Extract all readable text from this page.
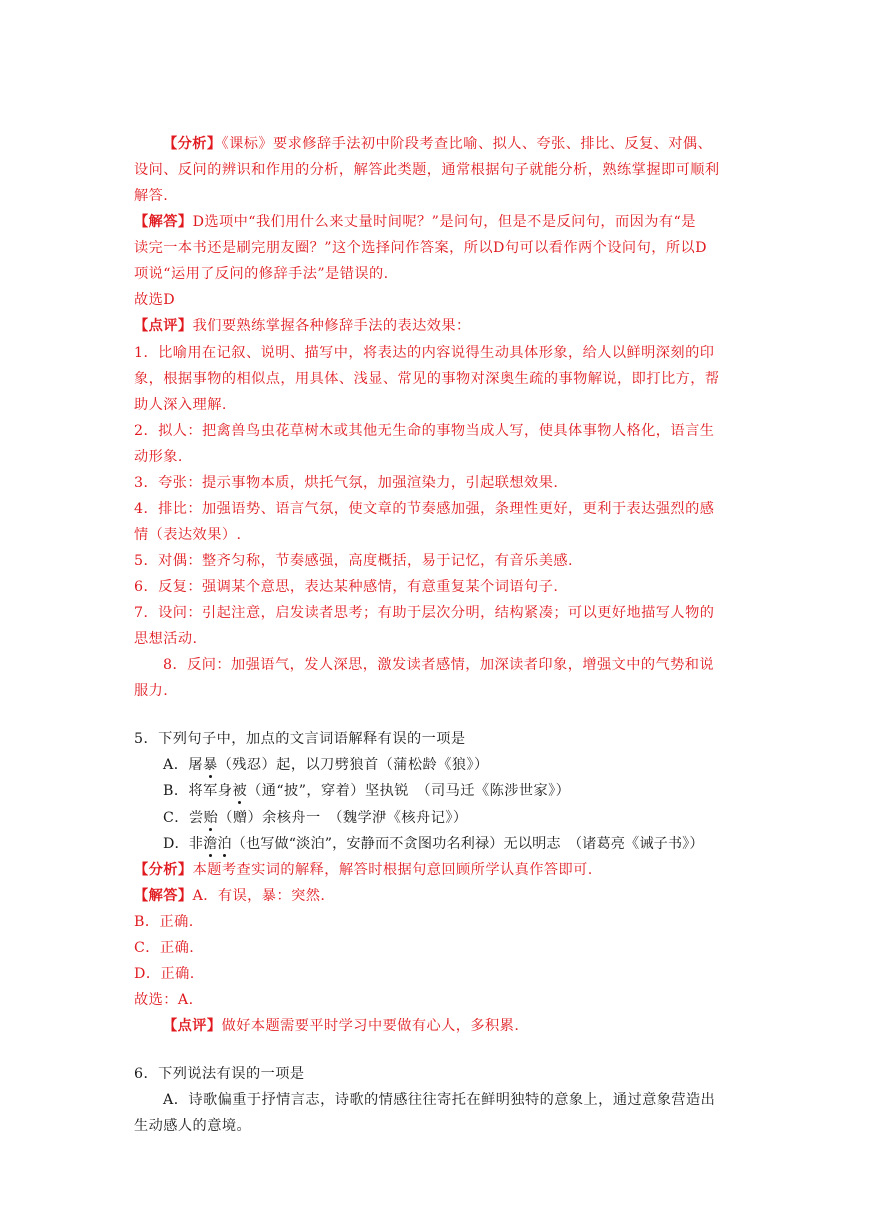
【分析】《课标》要求修辞手法初中阶段考查比喻、拟人、夸张、排比、反复、对偶、
设问、反问的辨识和作用的分析，解答此类题，通常根据句子就能分析，熟练掌握即可顺利
解答.
【解答】D选项中“我们用什么来丈量时间呢？”是问句，但是不是反问句，而因为有“是
读完一本书还是刷完朋友圈？”这个选择问作答案，所以D句可以看作两个设问句，所以D
项说“运用了反问的修辞手法”是错误的.
故选D
【点评】我们要熟练掌握各种修辞手法的表达效果：
1．比喻用在记叙、说明、描写中，将表达的内容说得生动具体形象，给人以鲜明深刻的印
象，根据事物的相似点，用具体、浅显、常见的事物对深奥生疏的事物解说，即打比方，帮
助人深入理解.
2．拟人：把禽兽鸟虫花草树木或其他无生命的事物当成人写，使具体事物人格化，语言生
动形象.
3．夸张：提示事物本质，烘托气氛，加强渲染力，引起联想效果.
4．排比：加强语势、语言气氛，使文章的节奏感加强，条理性更好，更利于表达强烈的感
情（表达效果）.
5．对偶：整齐匀称，节奏感强，高度概括，易于记忆，有音乐美感.
6．反复：强调某个意思，表达某种感情，有意重复某个词语句子.
7．设问：引起注意，启发读者思考；有助于层次分明，结构紧凑；可以更好地描写人物的
思想活动.
8．反问：加强语气，发人深思，激发读者感情，加深读者印象，增强文中的气势和说
服力.
5．下列句子中，加点的文言词语解释有误的一项是
A．屠暴（残忍）起，以刀劈狼首（蒲松龄《狼》）
B．将军身被（通“披”，穿着）坚执锐　（司马迁《陈涉世家》）
C．尝贻（赠）余核舟一　（魏学洢《核舟记》）
D．非澹泊（也写做“淡泊”，安静而不贪图功名利禄）无以明志　（诸葛亮《诫子书》）
【分析】本题考查实词的解释，解答时根据句意回顾所学认真作答即可.
【解答】A．有误，暴：突然.
B．正确.
C．正确.
D．正确.
故选：A.
【点评】做好本题需要平时学习中要做有心人，多积累.
6．下列说法有误的一项是
A．诗歌偏重于抒情言志，诗歌的情感往往寄托在鲜明独特的意象上，通过意象营造出
生动感人的意境。
